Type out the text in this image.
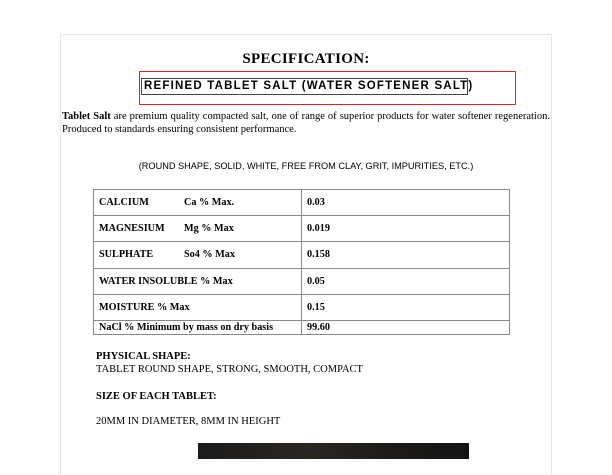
SPECIFICATION:
REFINED TABLET SALT (WATER SOFTENER SALT)
Tablet Salt are premium quality compacted salt, one of range of superior products for water softener regeneration. Produced to standards ensuring consistent performance.
(ROUND SHAPE, SOLID, WHITE, FREE FROM CLAY, GRIT, IMPURITIES, ETC.)
CALCIUM Ca % Max.	0.03
MAGNESIUM Mg % Max	0.019
SULPHATE So4 % Max	0.158
WATER INSOLUBLE % Max	0.05
MOISTURE % Max	0.15
NaCl % Minimum by mass on dry basis	99.60
PHYSICAL SHAPE:
TABLET ROUND SHAPE, STRONG, SMOOTH, COMPACT
SIZE OF EACH TABLET:
20MM IN DIAMETER, 8MM IN HEIGHT
